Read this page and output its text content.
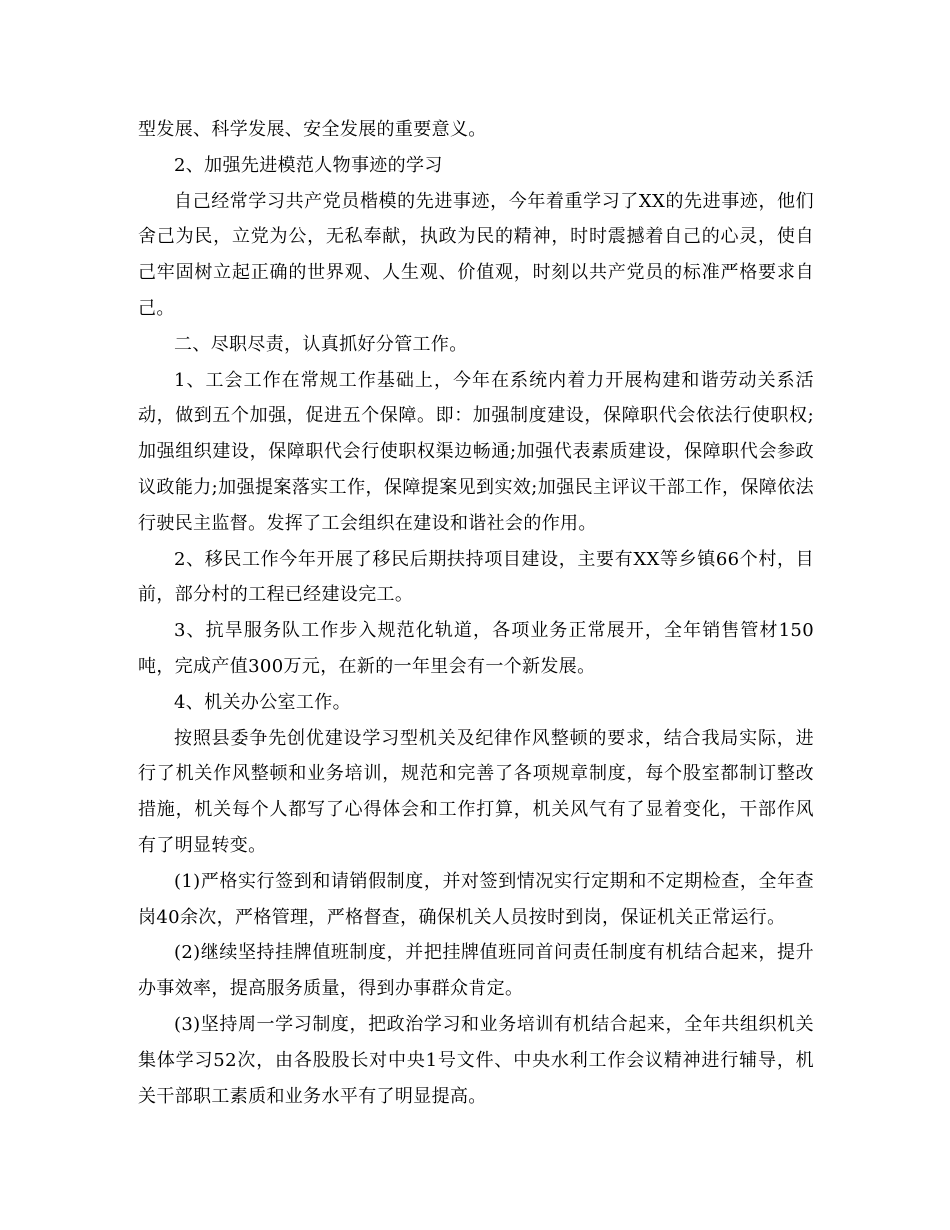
型发展、科学发展、安全发展的重要意义。

2、加强先进模范人物事迹的学习

自己经常学习共产党员楷模的先进事迹，今年着重学习了XX的先进事迹，他们舍己为民，立党为公，无私奉献，执政为民的精神，时时震撼着自己的心灵，使自己牢固树立起正确的世界观、人生观、价值观，时刻以共产党员的标准严格要求自己。

二、尽职尽责，认真抓好分管工作。

1、工会工作在常规工作基础上，今年在系统内着力开展构建和谐劳动关系活动，做到五个加强，促进五个保障。即：加强制度建设，保障职代会依法行使职权;加强组织建设，保障职代会行使职权渠边畅通;加强代表素质建设，保障职代会参政议政能力;加强提案落实工作，保障提案见到实效;加强民主评议干部工作，保障依法行驶民主监督。发挥了工会组织在建设和谐社会的作用。

2、移民工作今年开展了移民后期扶持项目建设，主要有XX等乡镇66个村，目前，部分村的工程已经建设完工。

3、抗旱服务队工作步入规范化轨道，各项业务正常展开，全年销售管材150吨，完成产值300万元，在新的一年里会有一个新发展。

4、机关办公室工作。

按照县委争先创优建设学习型机关及纪律作风整顿的要求，结合我局实际，进行了机关作风整顿和业务培训，规范和完善了各项规章制度，每个股室都制订整改措施，机关每个人都写了心得体会和工作打算，机关风气有了显着变化，干部作风有了明显转变。

(1)严格实行签到和请销假制度，并对签到情况实行定期和不定期检查，全年查岗40余次，严格管理，严格督查，确保机关人员按时到岗，保证机关正常运行。

(2)继续坚持挂牌值班制度，并把挂牌值班同首问责任制度有机结合起来，提升办事效率，提高服务质量，得到办事群众肯定。

(3)坚持周一学习制度，把政治学习和业务培训有机结合起来，全年共组织机关集体学习52次，由各股股长对中央1号文件、中央水利工作会议精神进行辅导，机关干部职工素质和业务水平有了明显提高。
